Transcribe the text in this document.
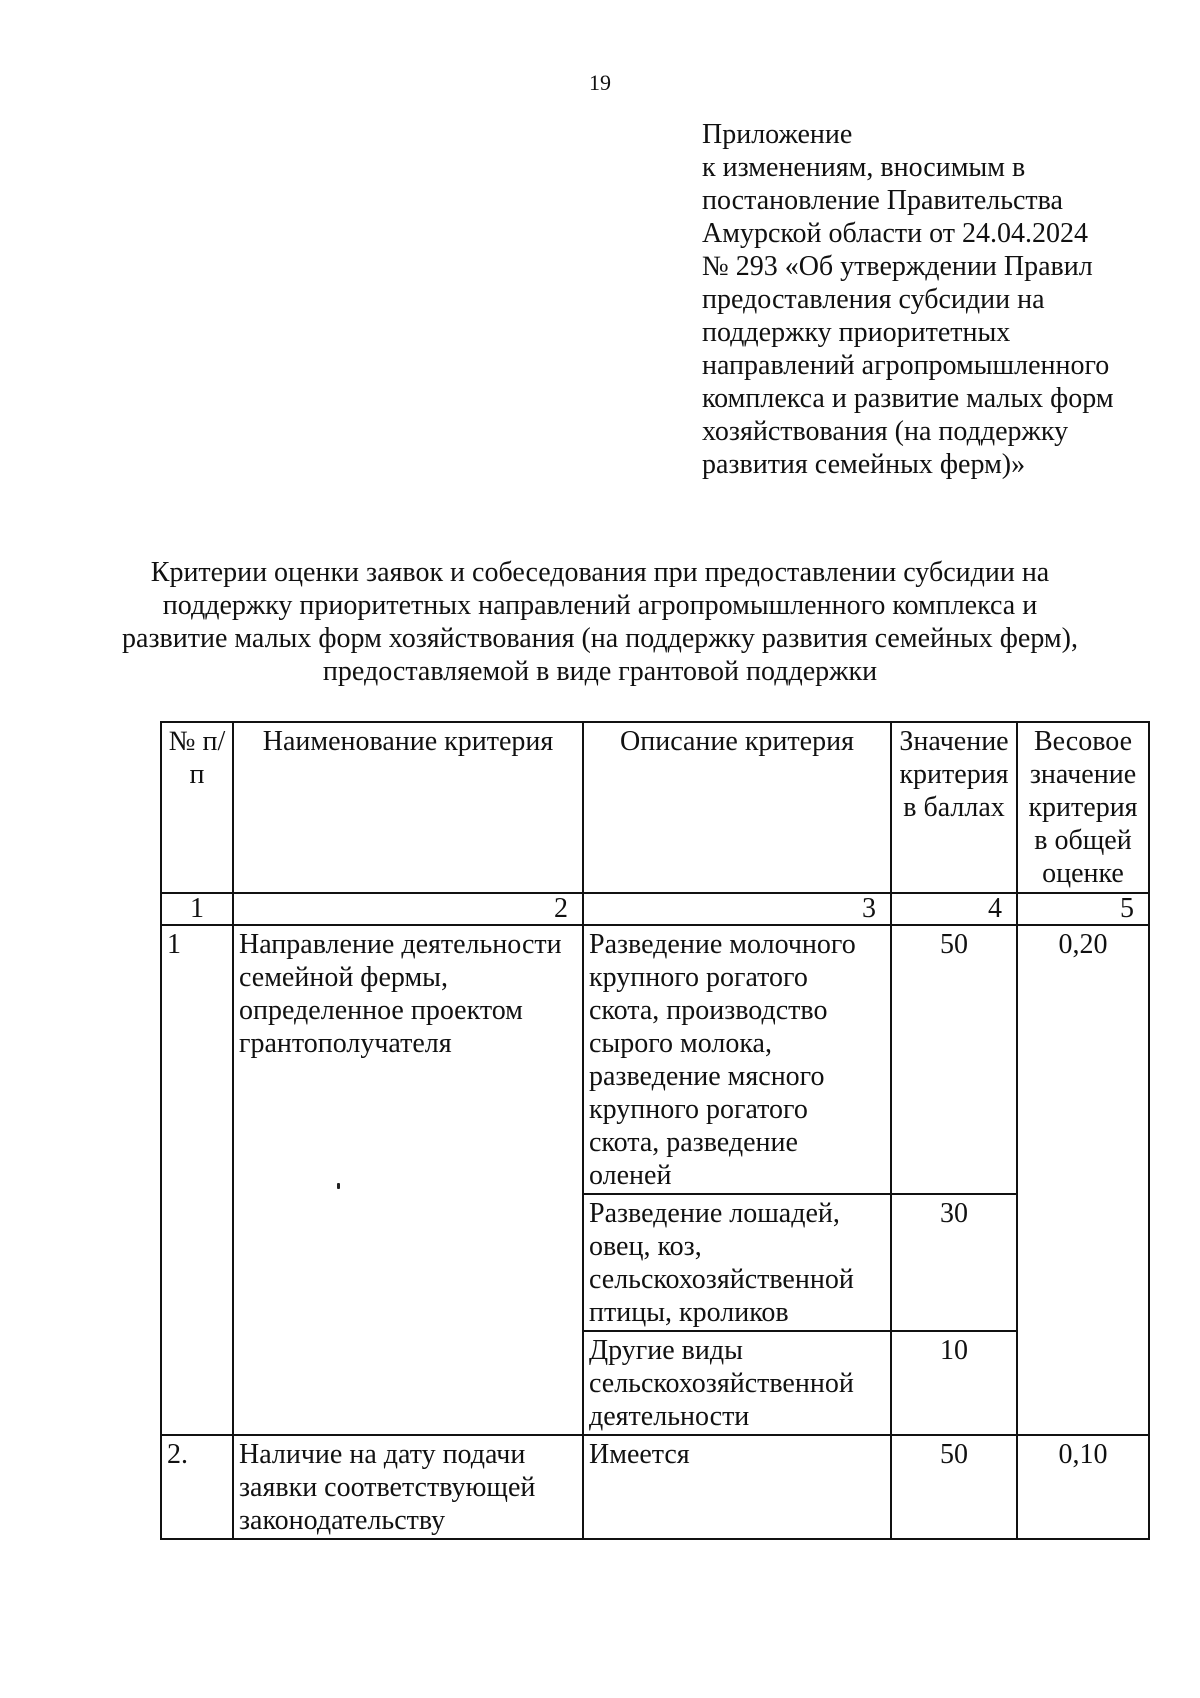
19
Приложение
к изменениям, вносимым в
постановление Правительства
Амурской области от 24.04.2024
№ 293 «Об утверждении Правил
предоставления субсидии на
поддержку приоритетных
направлений агропромышленного
комплекса и развитие малых форм
хозяйствования (на поддержку
развития семейных ферм)»
Критерии оценки заявок и собеседования при предоставлении субсидии на
поддержку приоритетных направлений агропромышленного комплекса и
развитие малых форм хозяйствования (на поддержку развития семейных ферм),
предоставляемой в виде грантовой поддержки
№ п/п	Наименование критерия	Описание критерия	Значение критерия в баллах	Весовое значение критерия в общей оценке
1	2	3	4	5
1	Направление деятельности семейной фермы, определенное проектом грантополучателя	Разведение молочного крупного рогатого скота, производство сырого молока, разведение мясного крупного рогатого скота, разведение оленей	50	0,20
		Разведение лошадей, овец, коз, сельскохозяйственной птицы, кроликов	30	
		Другие виды сельскохозяйственной деятельности	10	
2.	Наличие на дату подачи заявки соответствующей законодательству	Имеется	50	0,10
